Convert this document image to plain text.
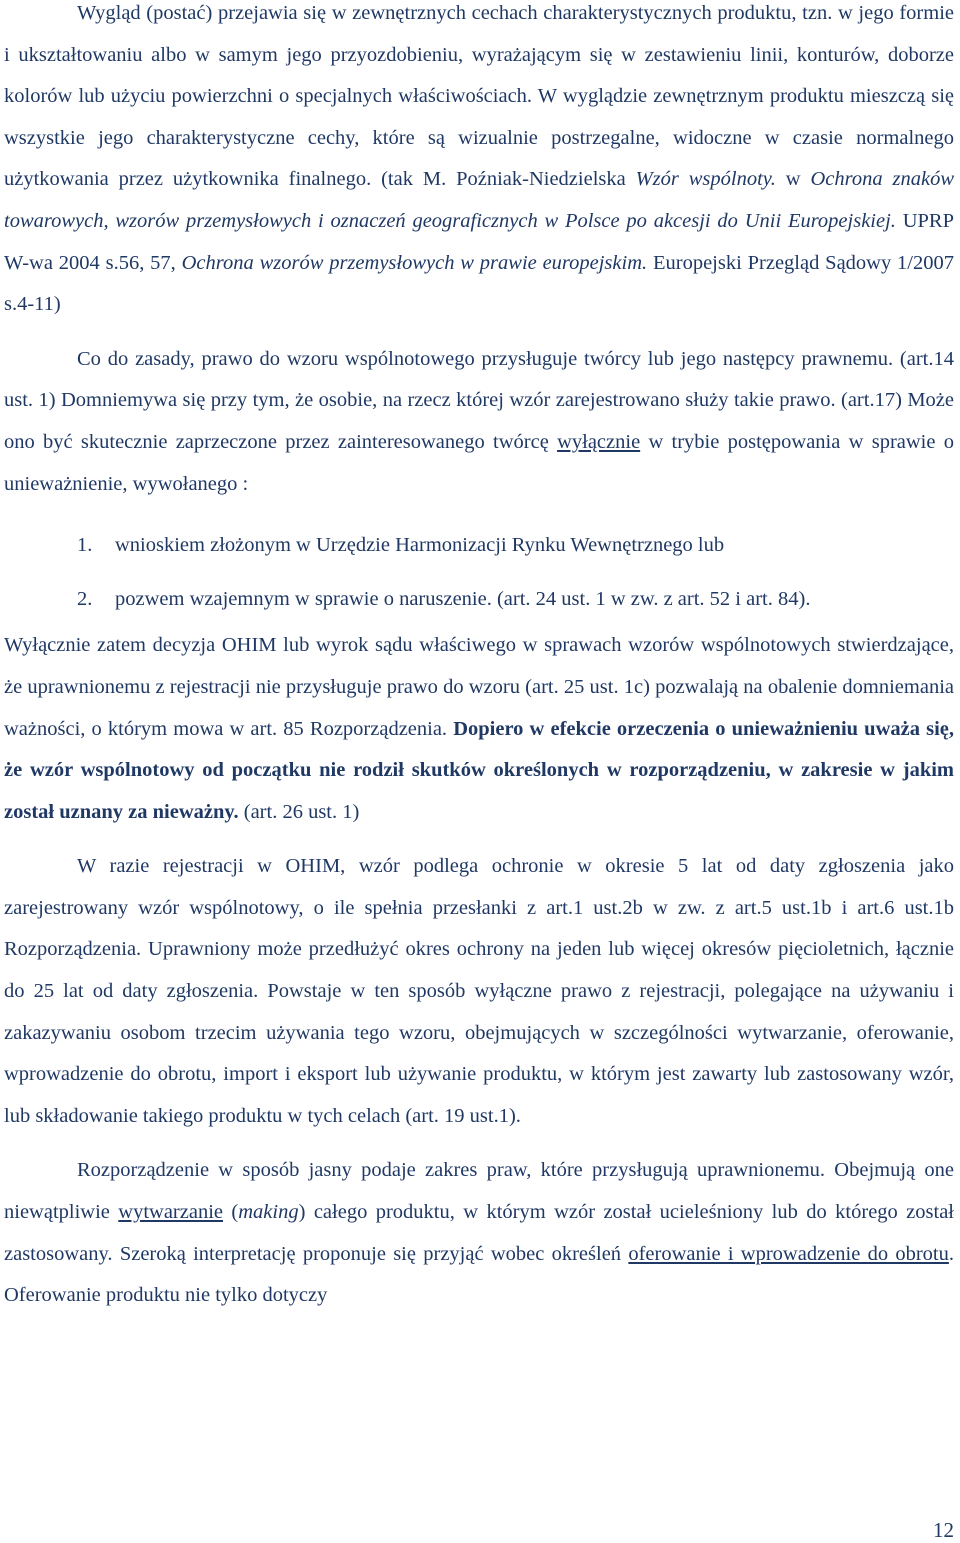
Wygląd (postać) przejawia się w zewnętrznych cechach charakterystycznych produktu, tzn. w jego formie i ukształtowaniu albo w samym jego przyozdobieniu, wyrażającym się w zestawieniu linii, konturów, doborze kolorów lub użyciu powierzchni o specjalnych właściwościach. W wyglądzie zewnętrznym produktu mieszczą się wszystkie jego charakterystyczne cechy, które są wizualnie postrzegalne, widoczne w czasie normalnego użytkowania przez użytkownika finalnego. (tak M. Poźniak-Niedzielska Wzór wspólnoty. w Ochrona znaków towarowych, wzorów przemysłowych i oznaczeń geograficznych w Polsce po akcesji do Unii Europejskiej. UPRP W-wa 2004 s.56, 57, Ochrona wzorów przemysłowych w prawie europejskim. Europejski Przegląd Sądowy 1/2007 s.4-11)

Co do zasady, prawo do wzoru wspólnotowego przysługuje twórcy lub jego następcy prawnemu. (art.14 ust. 1) Domniemywa się przy tym, że osobie, na rzecz której wzór zarejestrowano służy takie prawo. (art.17) Może ono być skutecznie zaprzeczone przez zainteresowanego twórcę wyłącznie w trybie postępowania w sprawie o unieważnienie, wywołanego :

1. wnioskiem złożonym w Urzędzie Harmonizacji Rynku Wewnętrznego lub
2. pozwem wzajemnym w sprawie o naruszenie. (art. 24 ust. 1 w zw. z art. 52 i art. 84).

Wyłącznie zatem decyzja OHIM lub wyrok sądu właściwego w sprawach wzorów wspólnotowych stwierdzające, że uprawnionemu z rejestracji nie przysługuje prawo do wzoru (art. 25 ust. 1c) pozwalają na obalenie domniemania ważności, o którym mowa w art. 85 Rozporządzenia. Dopiero w efekcie orzeczenia o unieważnieniu uważa się, że wzór wspólnotowy od początku nie rodził skutków określonych w rozporządzeniu, w zakresie w jakim został uznany za nieważny. (art. 26 ust. 1)

W razie rejestracji w OHIM, wzór podlega ochronie w okresie 5 lat od daty zgłoszenia jako zarejestrowany wzór wspólnotowy, o ile spełnia przesłanki z art.1 ust.2b w zw. z art.5 ust.1b i art.6 ust.1b Rozporządzenia. Uprawniony może przedłużyć okres ochrony na jeden lub więcej okresów pięcioletnich, łącznie do 25 lat od daty zgłoszenia. Powstaje w ten sposób wyłączne prawo z rejestracji, polegające na używaniu i zakazywaniu osobom trzecim używania tego wzoru, obejmujących w szczególności wytwarzanie, oferowanie, wprowadzenie do obrotu, import i eksport lub używanie produktu, w którym jest zawarty lub zastosowany wzór, lub składowanie takiego produktu w tych celach (art. 19 ust.1).

Rozporządzenie w sposób jasny podaje zakres praw, które przysługują uprawnionemu. Obejmują one niewątpliwie wytwarzanie (making) całego produktu, w którym wzór został ucieleśniony lub do którego został zastosowany. Szeroką interpretację proponuje się przyjąć wobec określeń oferowanie i wprowadzenie do obrotu. Oferowanie produktu nie tylko dotyczy

12
